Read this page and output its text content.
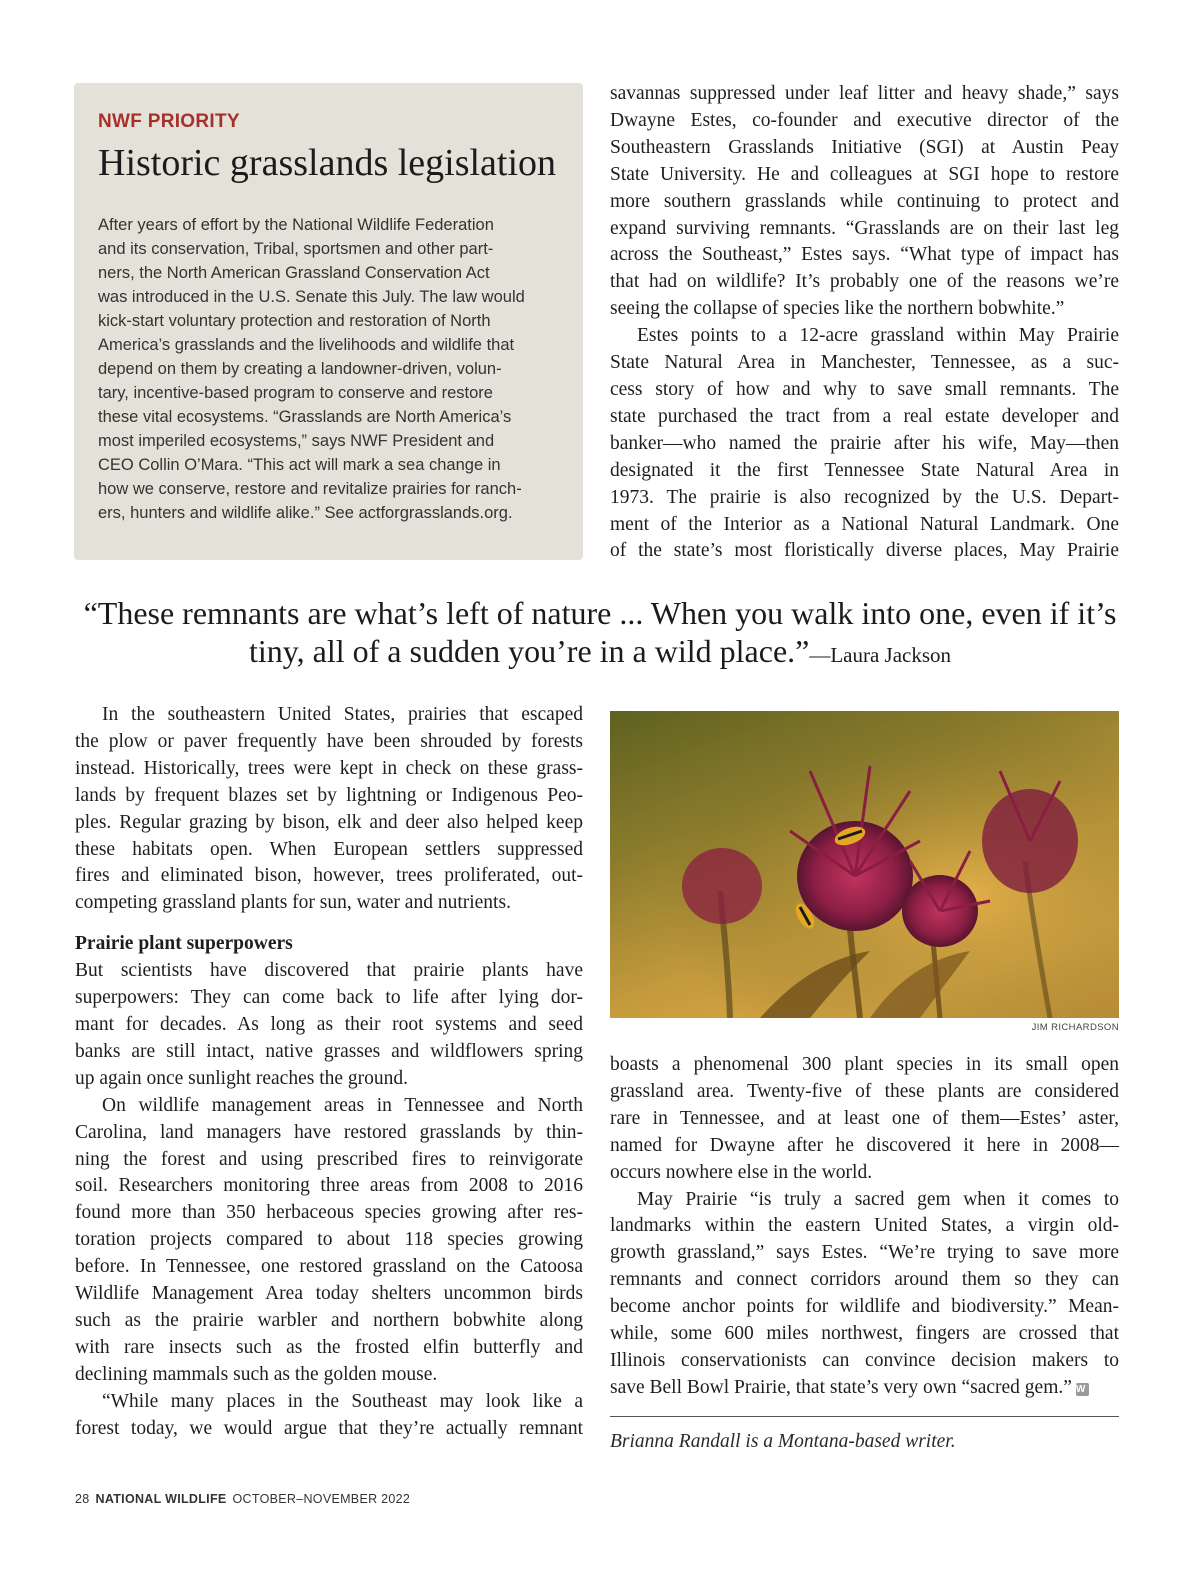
NWF PRIORITY

Historic grasslands legislation

After years of effort by the National Wildlife Federation
and its conservation, Tribal, sportsmen and other part-
ners, the North American Grassland Conservation Act
was introduced in the U.S. Senate this July. The law would
kick-start voluntary protection and restoration of North
America’s grasslands and the livelihoods and wildlife that
depend on them by creating a landowner-driven, volun-
tary, incentive-based program to conserve and restore
these vital ecosystems. “Grasslands are North America’s
most imperiled ecosystems,” says NWF President and
CEO Collin O’Mara. “This act will mark a sea change in
how we conserve, restore and revitalize prairies for ranch-
ers, hunters and wildlife alike.” See actforgrasslands.org.

savannas suppressed under leaf litter and heavy shade,” says
Dwayne Estes, co-founder and executive director of the
Southeastern Grasslands Initiative (SGI) at Austin Peay
State University. He and colleagues at SGI hope to restore
more southern grasslands while continuing to protect and
expand surviving remnants. “Grasslands are on their last leg
across the Southeast,” Estes says. “What type of impact has
that had on wildlife? It’s probably one of the reasons we’re
seeing the collapse of species like the northern bobwhite.”
Estes points to a 12-acre grassland within May Prairie
State Natural Area in Manchester, Tennessee, as a suc-
cess story of how and why to save small remnants. The
state purchased the tract from a real estate developer and
banker—who named the prairie after his wife, May—then
designated it the first Tennessee State Natural Area in
1973. The prairie is also recognized by the U.S. Depart-
ment of the Interior as a National Natural Landmark. One
of the state’s most floristically diverse places, May Prairie
“These remnants are what’s left of nature ... When you walk into one, even if it’s
tiny, all of a sudden you’re in a wild place.”—Laura Jackson
In the southeastern United States, prairies that escaped
the plow or paver frequently have been shrouded by forests
instead. Historically, trees were kept in check on these grass-
lands by frequent blazes set by lightning or Indigenous Peo-
ples. Regular grazing by bison, elk and deer also helped keep
these habitats open. When European settlers suppressed
fires and eliminated bison, however, trees proliferated, out-
competing grassland plants for sun, water and nutrients.
Prairie plant superpowers
But scientists have discovered that prairie plants have
superpowers: They can come back to life after lying dor-
mant for decades. As long as their root systems and seed
banks are still intact, native grasses and wildflowers spring
up again once sunlight reaches the ground.
On wildlife management areas in Tennessee and North
Carolina, land managers have restored grasslands by thin-
ning the forest and using prescribed fires to reinvigorate
soil. Researchers monitoring three areas from 2008 to 2016
found more than 350 herbaceous species growing after res-
toration projects compared to about 118 species growing
before. In Tennessee, one restored grassland on the Catoosa
Wildlife Management Area today shelters uncommon birds
such as the prairie warbler and northern bobwhite along
with rare insects such as the frosted elfin butterfly and
declining mammals such as the golden mouse.
“While many places in the Southeast may look like a
forest today, we would argue that they’re actually remnant
JIM RICHARDSON
boasts a phenomenal 300 plant species in its small open
grassland area. Twenty-five of these plants are considered
rare in Tennessee, and at least one of them—Estes’ aster,
named for Dwayne after he discovered it here in 2008—
occurs nowhere else in the world.
May Prairie “is truly a sacred gem when it comes to
landmarks within the eastern United States, a virgin old-
growth grassland,” says Estes. “We’re trying to save more
remnants and connect corridors around them so they can
become anchor points for wildlife and biodiversity.” Mean-
while, some 600 miles northwest, fingers are crossed that
Illinois conservationists can convince decision makers to
save Bell Bowl Prairie, that state’s very own “sacred gem.” W
Brianna Randall is a Montana-based writer.
28 NATIONAL WILDLIFE OCTOBER–NOVEMBER 2022
